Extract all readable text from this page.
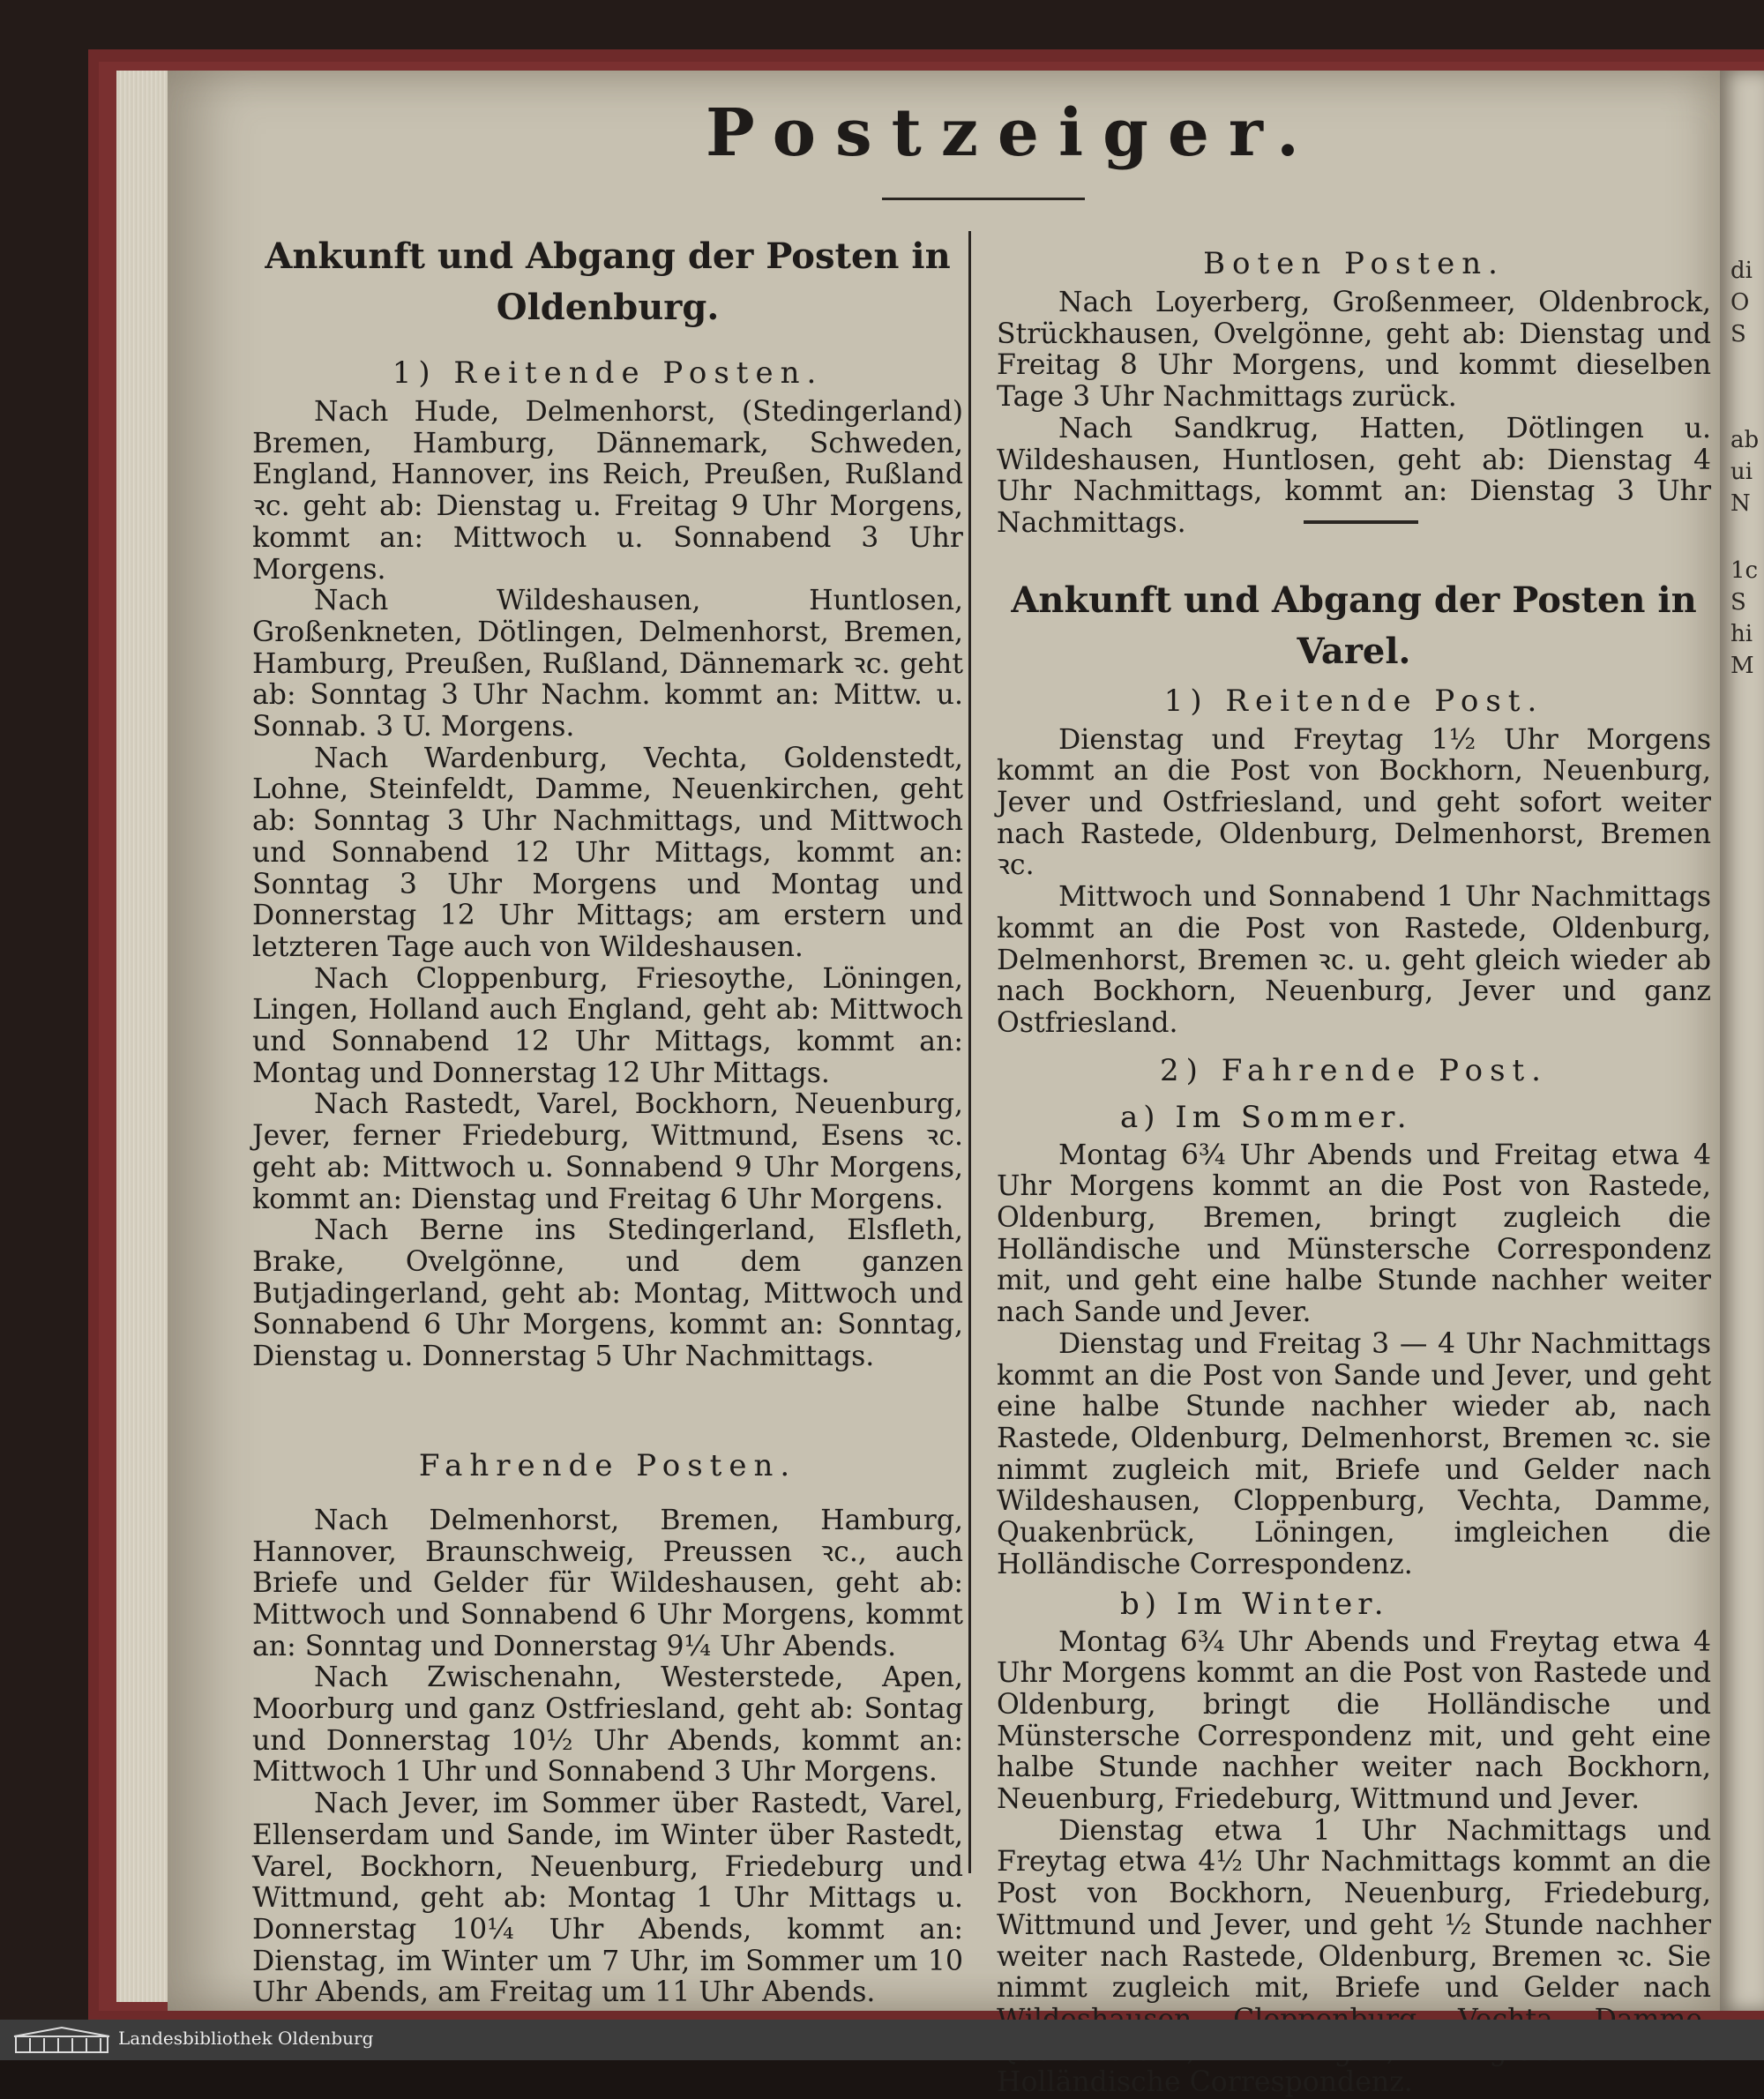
di
O
S
ab
ui
N
1c
S
hi
M
Postzeiger.

Ankunft und Abgang der Posten in Oldenburg.

1) Reitende Posten.

Nach Hude, Delmenhorst, (Stedingerland) Bremen, Hamburg, Dännemark, Schweden, England, Hannover, ins Reich, Preußen, Rußland ꝛc. geht ab: Dienstag u. Freitag 9 Uhr Morgens, kommt an: Mittwoch u. Sonnabend 3 Uhr Morgens.

Nach Wildeshausen, Huntlosen, Großenkneten, Dötlingen, Delmenhorst, Bremen, Hamburg, Preußen, Rußland, Dännemark ꝛc. geht ab: Sonntag 3 Uhr Nachm. kommt an: Mittw. u. Sonnab. 3 U. Morgens.

Nach Wardenburg, Vechta, Goldenstedt, Lohne, Steinfeldt, Damme, Neuenkirchen, geht ab: Sonntag 3 Uhr Nachmittags, und Mittwoch und Sonnabend 12 Uhr Mittags, kommt an: Sonntag 3 Uhr Morgens und Montag und Donnerstag 12 Uhr Mittags; am erstern und letzteren Tage auch von Wildeshausen.

Nach Cloppenburg, Friesoythe, Löningen, Lingen, Holland auch England, geht ab: Mittwoch und Sonnabend 12 Uhr Mittags, kommt an: Montag und Donnerstag 12 Uhr Mittags.

Nach Rastedt, Varel, Bockhorn, Neuenburg, Jever, ferner Friedeburg, Wittmund, Esens ꝛc. geht ab: Mittwoch u. Sonnabend 9 Uhr Morgens, kommt an: Dienstag und Freitag 6 Uhr Morgens.

Nach Berne ins Stedingerland, Elsfleth, Brake, Ovelgönne, und dem ganzen Butjadingerland, geht ab: Montag, Mittwoch und Sonnabend 6 Uhr Morgens, kommt an: Sonntag, Dienstag u. Donnerstag 5 Uhr Nachmittags.

Fahrende Posten.

Nach Delmenhorst, Bremen, Hamburg, Hannover, Braunschweig, Preussen ꝛc., auch Briefe und Gelder für Wildeshausen, geht ab: Mittwoch und Sonnabend 6 Uhr Morgens, kommt an: Sonntag und Donnerstag 9¼ Uhr Abends.

Nach Zwischenahn, Westerstede, Apen, Moorburg und ganz Ostfriesland, geht ab: Sontag und Donnerstag 10½ Uhr Abends, kommt an: Mittwoch 1 Uhr und Sonnabend 3 Uhr Morgens.

Nach Jever, im Sommer über Rastedt, Varel, Ellenserdam und Sande, im Winter über Rastedt, Varel, Bockhorn, Neuenburg, Friedeburg und Wittmund, geht ab: Montag 1 Uhr Mittags u. Donnerstag 10¼ Uhr Abends, kommt an: Dienstag, im Winter um 7 Uhr, im Sommer um 10 Uhr Abends, am Freitag um 11 Uhr Abends.

Boten Posten.

Nach Loyerberg, Großenmeer, Oldenbrock, Strückhausen, Ovelgönne, geht ab: Dienstag und Freitag 8 Uhr Morgens, und kommt dieselben Tage 3 Uhr Nachmittags zurück.

Nach Sandkrug, Hatten, Dötlingen u. Wildeshausen, Huntlosen, geht ab: Dienstag 4 Uhr Nachmittags, kommt an: Dienstag 3 Uhr Nachmittags.

Ankunft und Abgang der Posten in Varel.

1) Reitende Post.

Dienstag und Freytag 1½ Uhr Morgens kommt an die Post von Bockhorn, Neuenburg, Jever und Ostfriesland, und geht sofort weiter nach Rastede, Oldenburg, Delmenhorst, Bremen ꝛc.

Mittwoch und Sonnabend 1 Uhr Nachmittags kommt an die Post von Rastede, Oldenburg, Delmenhorst, Bremen ꝛc. u. geht gleich wieder ab nach Bockhorn, Neuenburg, Jever und ganz Ostfriesland.

2) Fahrende Post.

a) Im Sommer.

Montag 6¾ Uhr Abends und Freitag etwa 4 Uhr Morgens kommt an die Post von Rastede, Oldenburg, Bremen, bringt zugleich die Holländische und Münstersche Correspondenz mit, und geht eine halbe Stunde nachher weiter nach Sande und Jever.

Dienstag und Freitag 3 — 4 Uhr Nachmittags kommt an die Post von Sande und Jever, und geht eine halbe Stunde nachher wieder ab, nach Rastede, Oldenburg, Delmenhorst, Bremen ꝛc. sie nimmt zugleich mit, Briefe und Gelder nach Wildeshausen, Cloppenburg, Vechta, Damme, Quakenbrück, Löningen, imgleichen die Holländische Correspondenz.

b) Im Winter.

Montag 6¾ Uhr Abends und Freytag etwa 4 Uhr Morgens kommt an die Post von Rastede und Oldenburg, bringt die Holländische und Münstersche Correspondenz mit, und geht eine halbe Stunde nachher weiter nach Bockhorn, Neuenburg, Friedeburg, Wittmund und Jever.

Dienstag etwa 1 Uhr Nachmittags und Freytag etwa 4½ Uhr Nachmittags kommt an die Post von Bockhorn, Neuenburg, Friedeburg, Wittmund und Jever, und geht ½ Stunde nachher weiter nach Rastede, Oldenburg, Bremen ꝛc. Sie nimmt zugleich mit, Briefe und Gelder nach Holländische Correspondenz.

Landesbibliothek Oldenburg
